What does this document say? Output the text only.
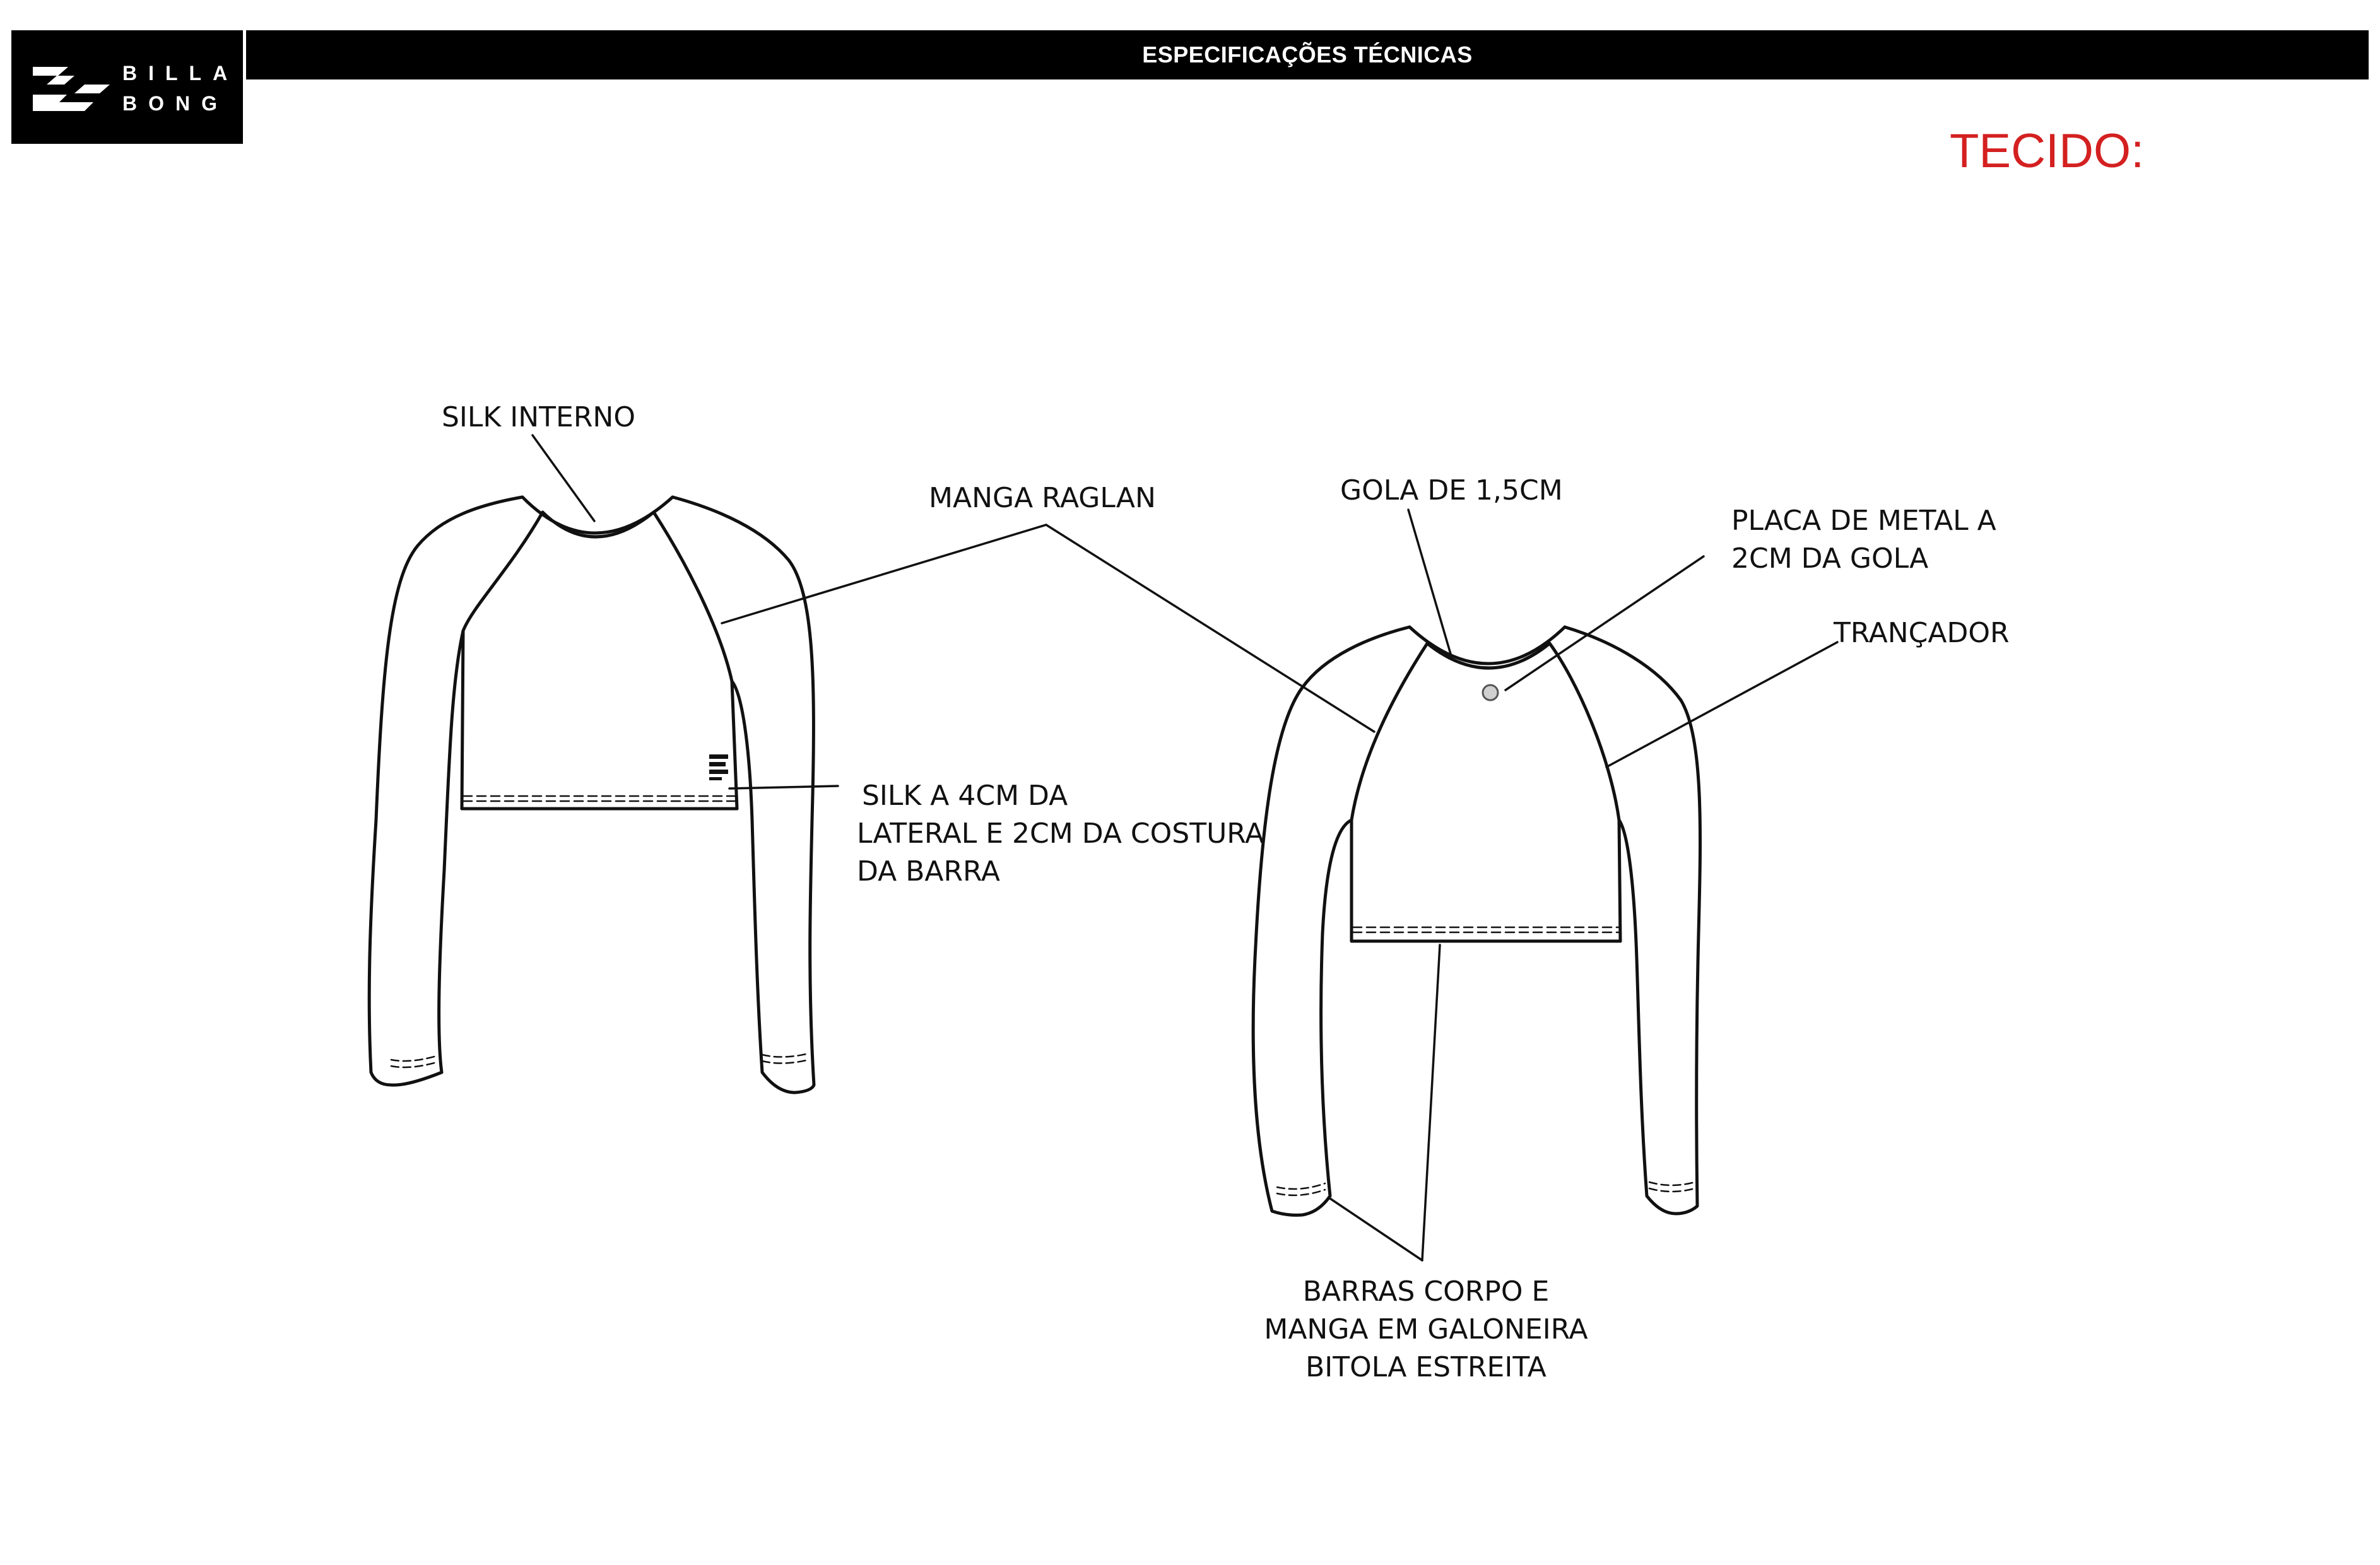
BILLA
BONG
ESPECIFICAÇÕES TÉCNICAS
TECIDO:
SILK INTERNO
MANGA RAGLAN	GOLA DE 1,5CM
PLACA DE METAL A
2CM DA GOLA
TRANÇADOR
SILK A 4CM DA
LATERAL E 2CM DA COSTURA
DA BARRA
BARRAS CORPO E
MANGA EM GALONEIRA
BITOLA ESTREITA
